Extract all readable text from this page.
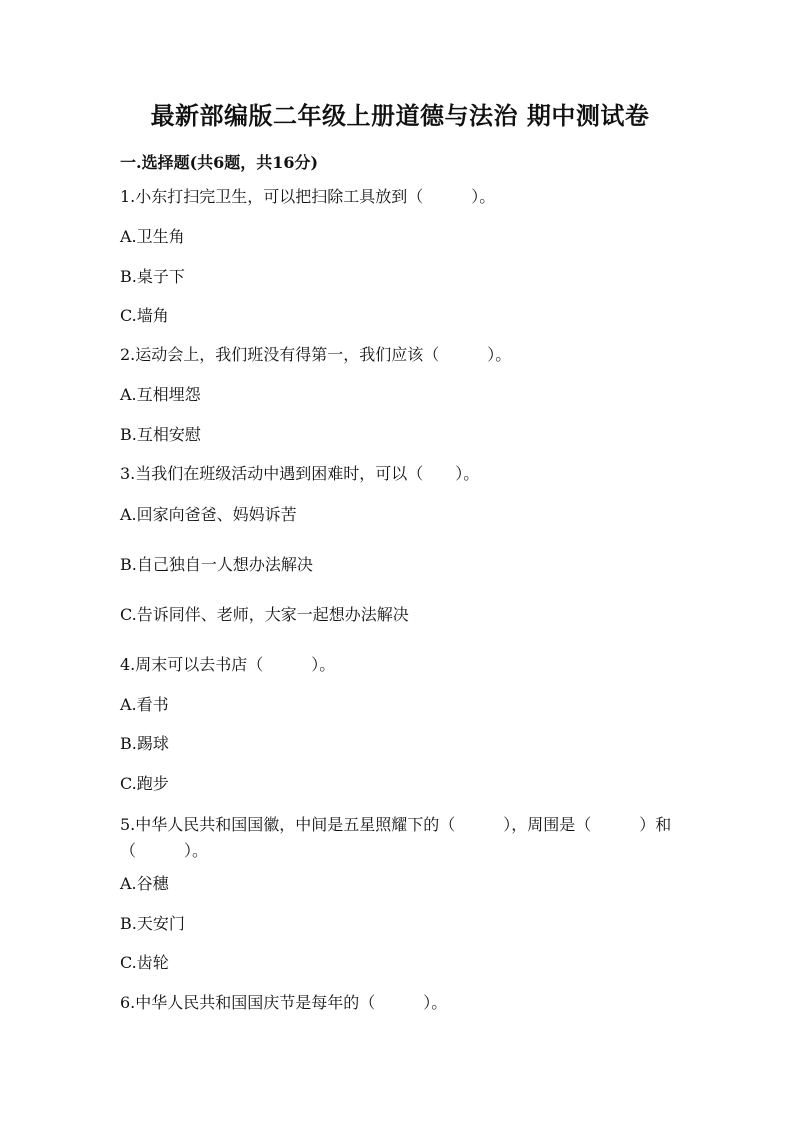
最新部编版二年级上册道德与法治 期中测试卷
一.选择题(共6题，共16分)
1.小东打扫完卫生，可以把扫除工具放到（　　　）。
A.卫生角
B.桌子下
C.墙角
2.运动会上，我们班没有得第一，我们应该（　　　）。
A.互相埋怨
B.互相安慰
3.当我们在班级活动中遇到困难时，可以（　　）。
A.回家向爸爸、妈妈诉苦
B.自己独自一人想办法解决
C.告诉同伴、老师，大家一起想办法解决
4.周末可以去书店（　　　）。
A.看书
B.踢球
C.跑步
5.中华人民共和国国徽，中间是五星照耀下的（　　　），周围是（　　　）和（　　　）。
A.谷穗
B.天安门
C.齿轮
6.中华人民共和国国庆节是每年的（　　　）。
